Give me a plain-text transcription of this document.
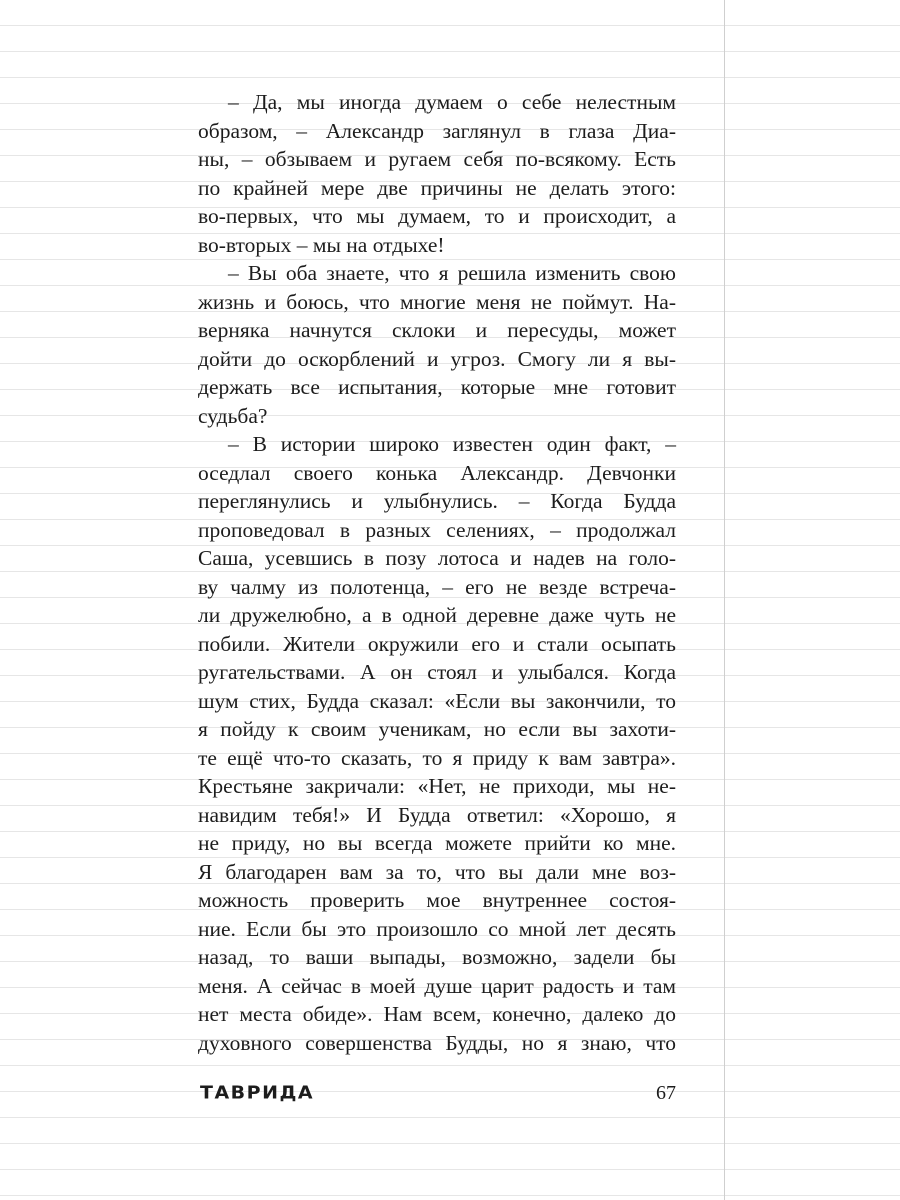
– Да, мы иногда думаем о себе нелестным
образом, – Александр заглянул в глаза Диа-
ны, – обзываем и ругаем себя по-всякому. Есть
по крайней мере две причины не делать этого:
во-первых, что мы думаем, то и происходит, а
во-вторых – мы на отдыхе!
– Вы оба знаете, что я решила изменить свою
жизнь и боюсь, что многие меня не поймут. На-
верняка начнутся склоки и пересуды, может
дойти до оскорблений и угроз. Смогу ли я вы-
держать все испытания, которые мне готовит
судьба?
– В истории широко известен один факт, –
оседлал своего конька Александр. Девчонки
переглянулись и улыбнулись. – Когда Будда
проповедовал в разных селениях, – продолжал
Саша, усевшись в позу лотоса и надев на голо-
ву чалму из полотенца, – его не везде встреча-
ли дружелюбно, а в одной деревне даже чуть не
побили. Жители окружили его и стали осыпать
ругательствами. А он стоял и улыбался. Когда
шум стих, Будда сказал: «Если вы закончили, то
я пойду к своим ученикам, но если вы захоти-
те ещё что-то сказать, то я приду к вам завтра».
Крестьяне закричали: «Нет, не приходи, мы не-
навидим тебя!» И Будда ответил: «Хорошо, я
не приду, но вы всегда можете прийти ко мне.
Я благодарен вам за то, что вы дали мне воз-
можность проверить мое внутреннее состоя-
ние. Если бы это произошло со мной лет десять
назад, то ваши выпады, возможно, задели бы
меня. А сейчас в моей душе царит радость и там
нет места обиде». Нам всем, конечно, далеко до
духовного совершенства Будды, но я знаю, что
ТАВРИДА	67
